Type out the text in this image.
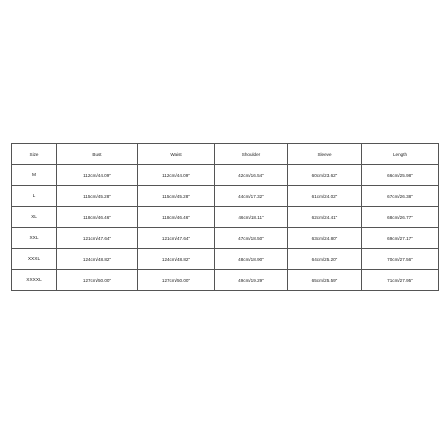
Size	Bust	Waist	Shoulder	Sleeve	Length
M	112cm/44.09"	112cm/44.09"	42cm/16.54"	60cm/23.62"	66cm/25.98"
L	115cm/45.28"	115cm/45.28"	44cm/17.32"	61cm/24.02"	67cm/26.38"
XL	118cm/46.46"	118cm/46.46"	46cm/18.11"	62cm/24.41"	68cm/26.77"
XXL	121cm/47.64"	121cm/47.64"	47cm/18.50"	63cm/24.80"	69cm/27.17"
XXXL	124cm/48.82"	124cm/48.82"	48cm/18.90"	64cm/25.20"	70cm/27.56"
XXXXL	127cm/50.00"	127cm/50.00"	49cm/19.29"	65cm/25.59"	71cm/27.95"
